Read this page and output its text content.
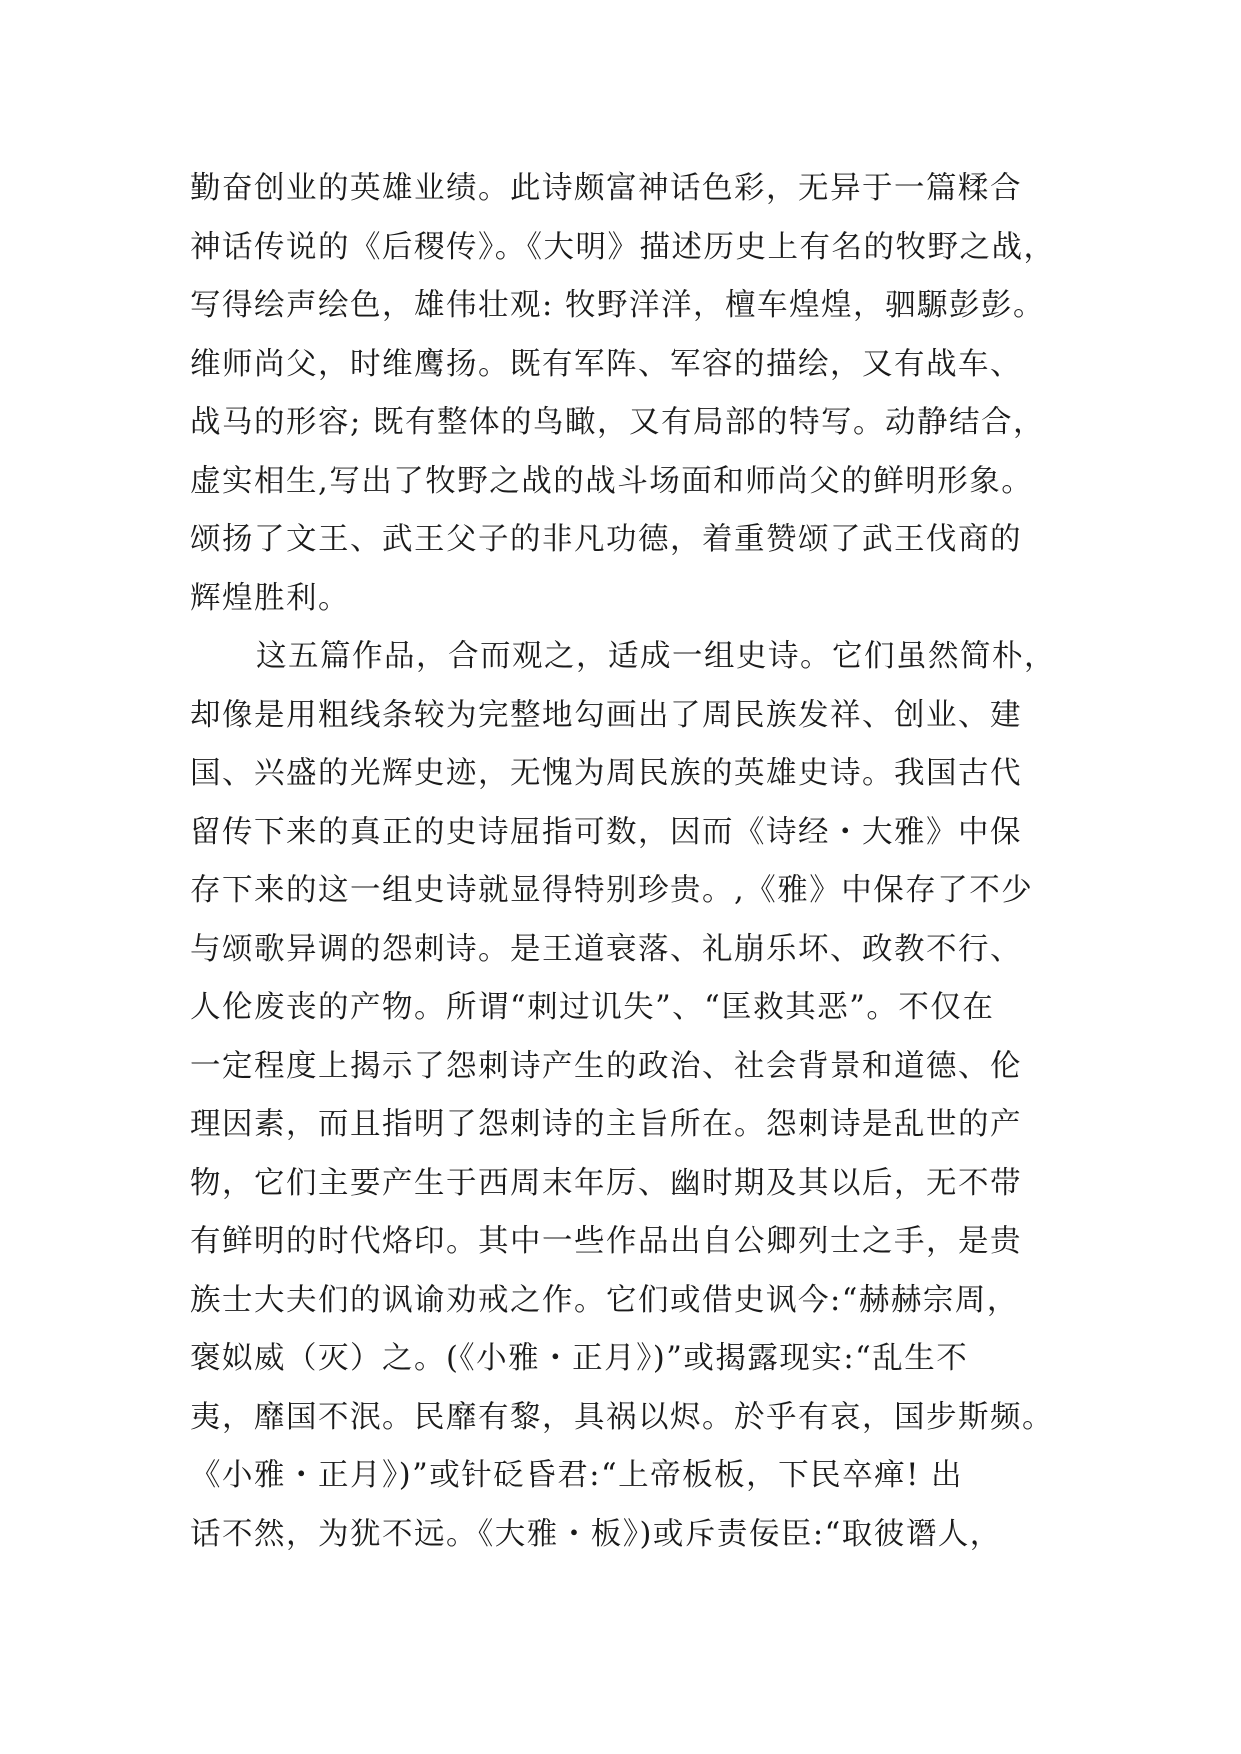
勤奋创业的英雄业绩。此诗颇富神话色彩，无异于一篇糅合
神话传说的《后稷传》。《大明》描述历史上有名的牧野之战，
写得绘声绘色，雄伟壮观: 牧野洋洋，檀车煌煌，驷騵彭彭。
维师尚父，时维鹰扬。既有军阵、军容的描绘，又有战车、
战马的形容; 既有整体的鸟瞰，又有局部的特写。动静结合，
虚实相生,写出了牧野之战的战斗场面和师尚父的鲜明形象。
颂扬了文王、武王父子的非凡功德，着重赞颂了武王伐商的
辉煌胜利。
这五篇作品，合而观之，适成一组史诗。它们虽然简朴，
却像是用粗线条较为完整地勾画出了周民族发祥、创业、建
国、兴盛的光辉史迹，无愧为周民族的英雄史诗。我国古代
留传下来的真正的史诗屈指可数，因而《诗经・大雅》中保
存下来的这一组史诗就显得特别珍贵。,《雅》中保存了不少
与颂歌异调的怨刺诗。是王道衰落、礼崩乐坏、政教不行、
人伦废丧的产物。所谓“刺过讥失”、“匡救其恶”。不仅在
一定程度上揭示了怨刺诗产生的政治、社会背景和道德、伦
理因素，而且指明了怨刺诗的主旨所在。怨刺诗是乱世的产
物，它们主要产生于西周末年厉、幽时期及其以后，无不带
有鲜明的时代烙印。其中一些作品出自公卿列士之手，是贵
族士大夫们的讽谕劝戒之作。它们或借史讽今:“赫赫宗周，
褒姒威（灭）之。(《小雅・正月》)”或揭露现实:“乱生不
夷，靡国不泯。民靡有黎，具祸以烬。於乎有哀，国步斯频。
《小雅・正月》)”或针砭昏君:“上帝板板，下民卒瘅! 出
话不然，为犹不远。《大雅・板》)或斥责佞臣:“取彼谮人，
